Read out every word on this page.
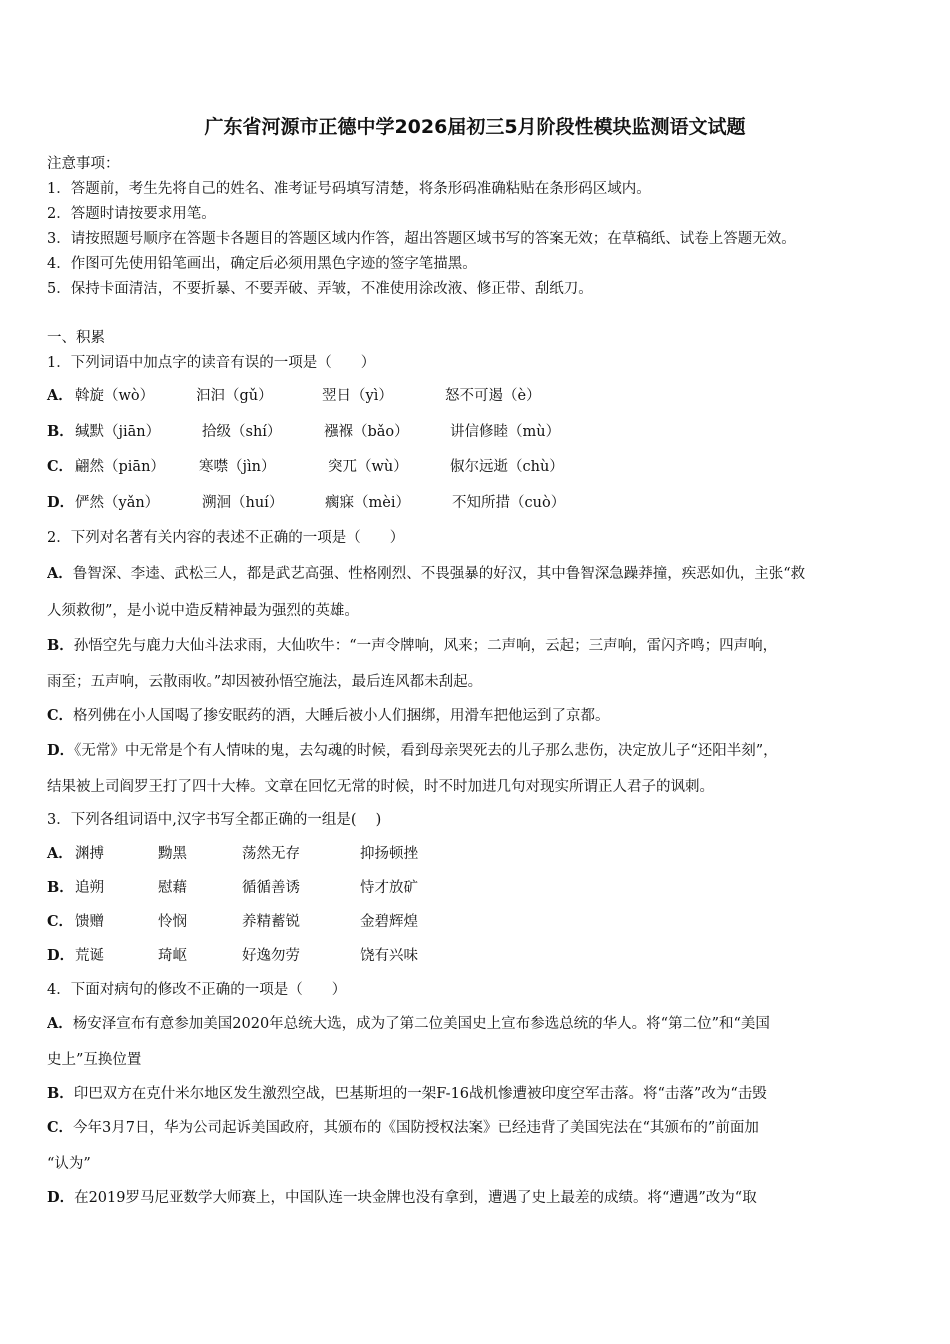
广东省河源市正德中学2026届初三5月阶段性模块监测语文试题
注意事项：
1．答题前，考生先将自己的姓名、准考证号码填写清楚，将条形码准确粘贴在条形码区域内。
2．答题时请按要求用笔。
3．请按照题号顺序在答题卡各题目的答题区域内作答，超出答题区域书写的答案无效；在草稿纸、试卷上答题无效。
4．作图可先使用铅笔画出，确定后必须用黑色字迹的签字笔描黑。
5．保持卡面清洁，不要折暴、不要弄破、弄皱，不准使用涂改液、修正带、刮纸刀。
一、积累
1．下列词语中加点字的读音有误的一项是（　　）
A． 斡旋（wò）	汩汩（gǔ）	翌日（yì）	怒不可遏（è）
B． 缄默（jiān）	拾级（shí）	襁褓（bǎo）	讲信修睦（mù）
C． 翩然（piān） 寒噤（jìn）	突兀（wù）	俶尔远逝（chù）
D． 俨然（yǎn）	溯洄（huí）	瘸寐（mèi）	不知所措（cuò）
2．下列对名著有关内容的表述不正确的一项是（　　）
A．鲁智深、李逵、武松三人，都是武艺高强、性格刚烈、不畏强暴的好汉，其中鲁智深急躁莽撞，疾恶如仇，主张“救
人须救彻”，是小说中造反精神最为强烈的英雄。
B．孙悟空先与鹿力大仙斗法求雨，大仙吹牛：“一声令牌响，风来；二声响，云起；三声响，雷闪齐鸣；四声响，
雨至；五声响，云散雨收。”却因被孙悟空施法，最后连风都未刮起。
C．格列佛在小人国喝了掺安眠药的酒，大睡后被小人们捆绑，用滑车把他运到了京都。
D．《无常》中无常是个有人情味的鬼，去勾魂的时候，看到母亲哭死去的儿子那么悲伤，决定放儿子“还阳半刻”，
结果被上司阎罗王打了四十大棒。文章在回忆无常的时候，时不时加进几句对现实所谓正人君子的讽刺。
3．下列各组词语中,汉字书写全都正确的一组是(　 )
A． 渊搏	黝黑	荡然无存	抑扬顿挫
B． 追朔	慰藉	循循善诱	恃才放矿
C． 馈赠	怜悯	养精蓄锐	金碧辉煌
D． 荒诞	琦岖	好逸勿劳	饶有兴味
4．下面对病句的修改不正确的一项是（　　）
A．杨安泽宣布有意参加美国2020年总统大选，成为了第二位美国史上宣布参选总统的华人。将“第二位”和“美国
史上”互换位置
B．印巴双方在克什米尔地区发生激烈空战，巴基斯坦的一架F-16战机惨遭被印度空军击落。将“击落”改为“击毁
C．今年3月7日，华为公司起诉美国政府，其颁布的《国防授权法案》已经违背了美国宪法在“其颁布的”前面加
“认为”
D．在2019罗马尼亚数学大师赛上，中国队连一块金牌也没有拿到，遭遇了史上最差的成绩。将“遭遇”改为“取
